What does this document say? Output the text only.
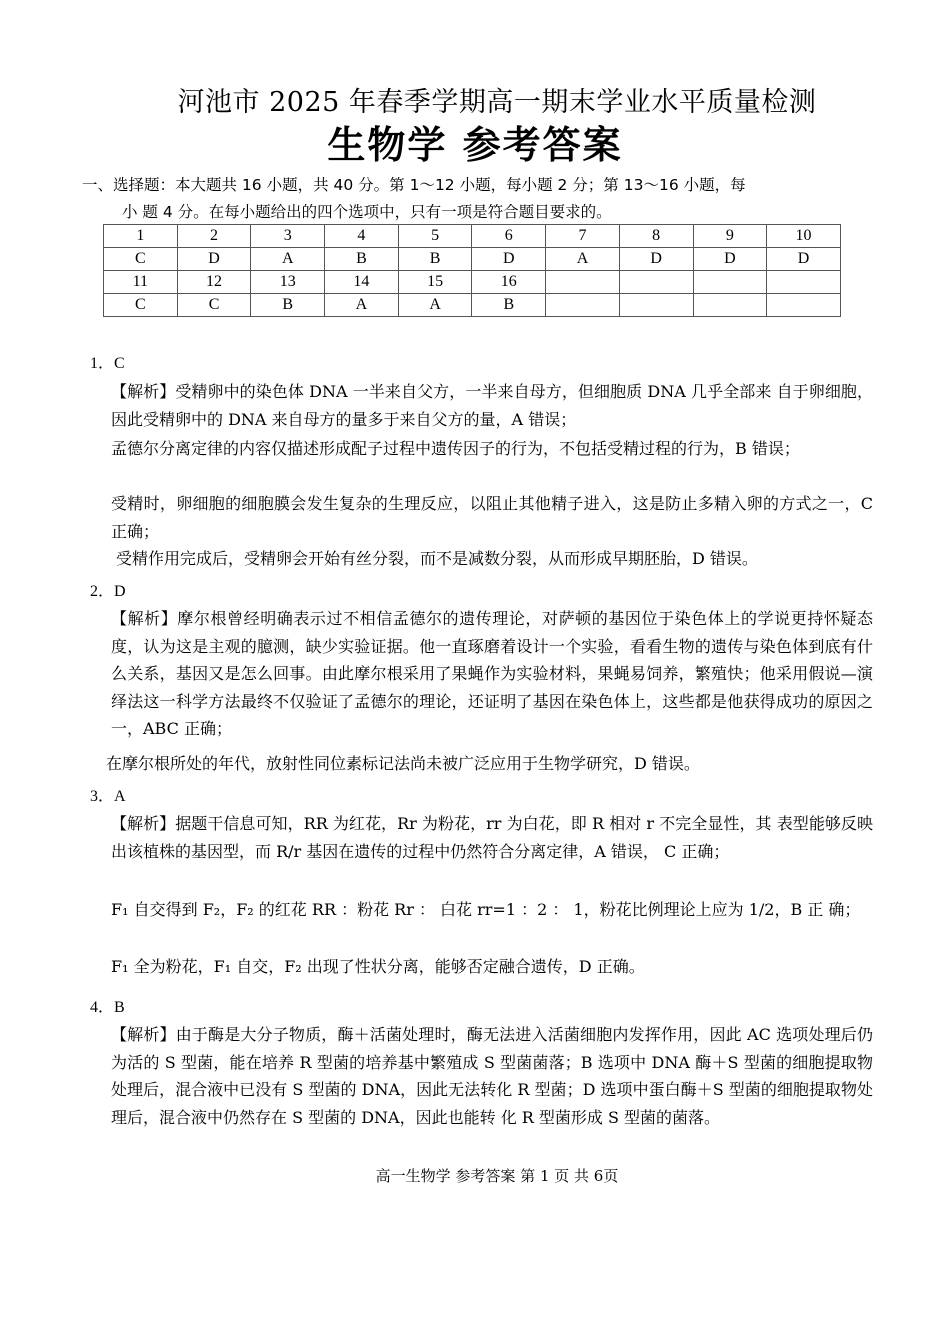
河池市 2025 年春季学期高一期末学业水平质量检测
生物学 参考答案
一、选择题：本大题共 16 小题，共 40 分。第 1～12 小题，每小题 2 分；第 13～16 小题，每
小 题 4 分。在每小题给出的四个选项中，只有一项是符合题目要求的。
1	2	3	4	5	6	7	8	9	10
C	D	A	B	B	D	A	D	D	D
11	12	13	14	15	16				
C	C	B	A	A	B				
1．C
【解析】受精卵中的染色体 DNA 一半来自父方，一半来自母方，但细胞质 DNA 几乎全部来 自于卵细胞，因此受精卵中的 DNA 来自母方的量多于来自父方的量，A 错误；
孟德尔分离定律的内容仅描述形成配子过程中遗传因子的行为，不包括受精过程的行为，B 错误；
受精时，卵细胞的细胞膜会发生复杂的生理反应，以阻止其他精子进入，这是防止多精入卵的方式之一，C 正确；
受精作用完成后，受精卵会开始有丝分裂，而不是减数分裂，从而形成早期胚胎，D 错误。
2．D
【解析】摩尔根曾经明确表示过不相信孟德尔的遗传理论，对萨顿的基因位于染色体上的学说更持怀疑态度，认为这是主观的臆测，缺少实验证据。他一直琢磨着设计一个实验，看看生物的遗传与染色体到底有什么关系，基因又是怎么回事。由此摩尔根采用了果蝇作为实验材料，果蝇易饲养，繁殖快；他采用假说—演绎法这一科学方法最终不仅验证了孟德尔的理论，还证明了基因在染色体上，这些都是他获得成功的原因之一，ABC 正确；
在摩尔根所处的年代，放射性同位素标记法尚未被广泛应用于生物学研究，D 错误。
3．A
【解析】据题干信息可知，RR 为红花，Rr 为粉花，rr 为白花，即 R 相对 r 不完全显性，其 表型能够反映出该植株的基因型，而 R/r 基因在遗传的过程中仍然符合分离定律，A 错误， C 正确；
F₁ 自交得到 F₂，F₂ 的红花 RR ：粉花 Rr ： 白花 rr=1 ：2 ： 1，粉花比例理论上应为 1/2，B 正 确；
F₁ 全为粉花，F₁ 自交，F₂ 出现了性状分离，能够否定融合遗传，D 正确。
4．B
【解析】由于酶是大分子物质，酶＋活菌处理时，酶无法进入活菌细胞内发挥作用，因此 AC 选项处理后仍为活的 S 型菌，能在培养 R 型菌的培养基中繁殖成 S 型菌菌落；B 选项中 DNA 酶＋S 型菌的细胞提取物处理后，混合液中已没有 S 型菌的 DNA，因此无法转化 R 型菌；D 选项中蛋白酶＋S 型菌的细胞提取物处理后，混合液中仍然存在 S 型菌的 DNA，因此也能转 化 R 型菌形成 S 型菌的菌落。
高一生物学 参考答案 第 1 页 共 6页
